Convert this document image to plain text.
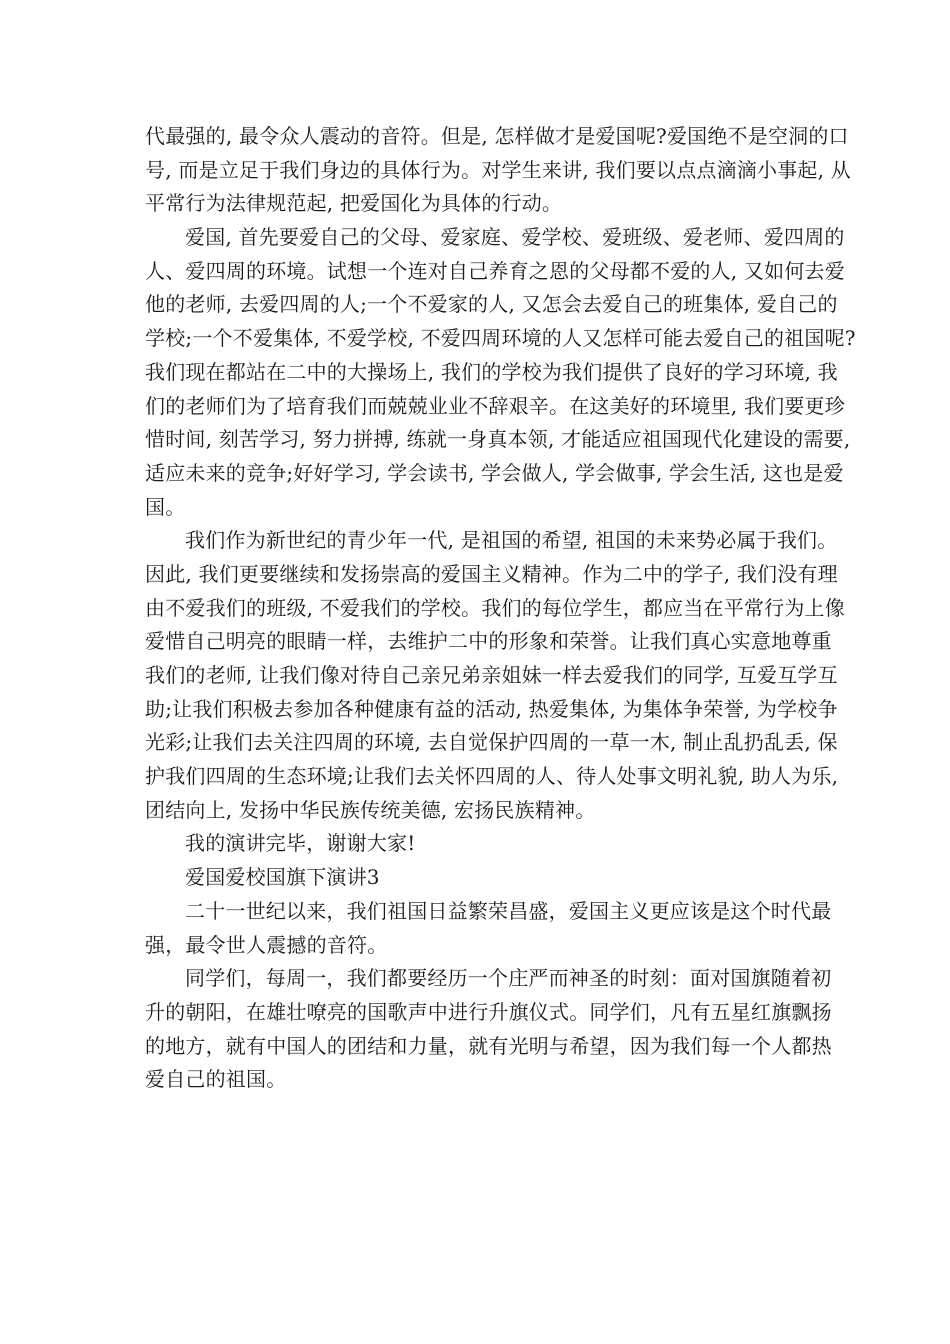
代最强的, 最令众人震动的音符。但是, 怎样做才是爱国呢?爱国绝不是空洞的口
号, 而是立足于我们身边的具体行为。对学生来讲, 我们要以点点滴滴小事起, 从
平常行为法律规范起, 把爱国化为具体的行动。
爱国, 首先要爱自己的父母、爱家庭、爱学校、爱班级、爱老师、爱四周的
人、爱四周的环境。试想一个连对自己养育之恩的父母都不爱的人, 又如何去爱
他的老师, 去爱四周的人;一个不爱家的人, 又怎会去爱自己的班集体, 爱自己的
学校;一个不爱集体, 不爱学校, 不爱四周环境的人又怎样可能去爱自己的祖国呢?
我们现在都站在二中的大操场上, 我们的学校为我们提供了良好的学习环境, 我
们的老师们为了培育我们而兢兢业业不辞艰辛。在这美好的环境里, 我们要更珍
惜时间, 刻苦学习, 努力拼搏, 练就一身真本领, 才能适应祖国现代化建设的需要,
适应未来的竞争;好好学习, 学会读书, 学会做人, 学会做事, 学会生活, 这也是爱
国。
我们作为新世纪的青少年一代, 是祖国的希望, 祖国的未来势必属于我们。
因此, 我们更要继续和发扬崇高的爱国主义精神。作为二中的学子, 我们没有理
由不爱我们的班级, 不爱我们的学校。我们的每位学生，都应当在平常行为上像
爱惜自己明亮的眼睛一样，去维护二中的形象和荣誉。让我们真心实意地尊重
我们的老师, 让我们像对待自己亲兄弟亲姐妹一样去爱我们的同学, 互爱互学互
助;让我们积极去参加各种健康有益的活动, 热爱集体, 为集体争荣誉, 为学校争
光彩;让我们去关注四周的环境, 去自觉保护四周的一草一木, 制止乱扔乱丢, 保
护我们四周的生态环境;让我们去关怀四周的人、待人处事文明礼貌, 助人为乐,
团结向上, 发扬中华民族传统美德, 宏扬民族精神。
我的演讲完毕，谢谢大家!
爱国爱校国旗下演讲3
二十一世纪以来，我们祖国日益繁荣昌盛，爱国主义更应该是这个时代最
强，最令世人震撼的音符。
同学们，每周一，我们都要经历一个庄严而神圣的时刻：面对国旗随着初
升的朝阳，在雄壮嘹亮的国歌声中进行升旗仪式。同学们，凡有五星红旗飘扬
的地方，就有中国人的团结和力量，就有光明与希望，因为我们每一个人都热
爱自己的祖国。
